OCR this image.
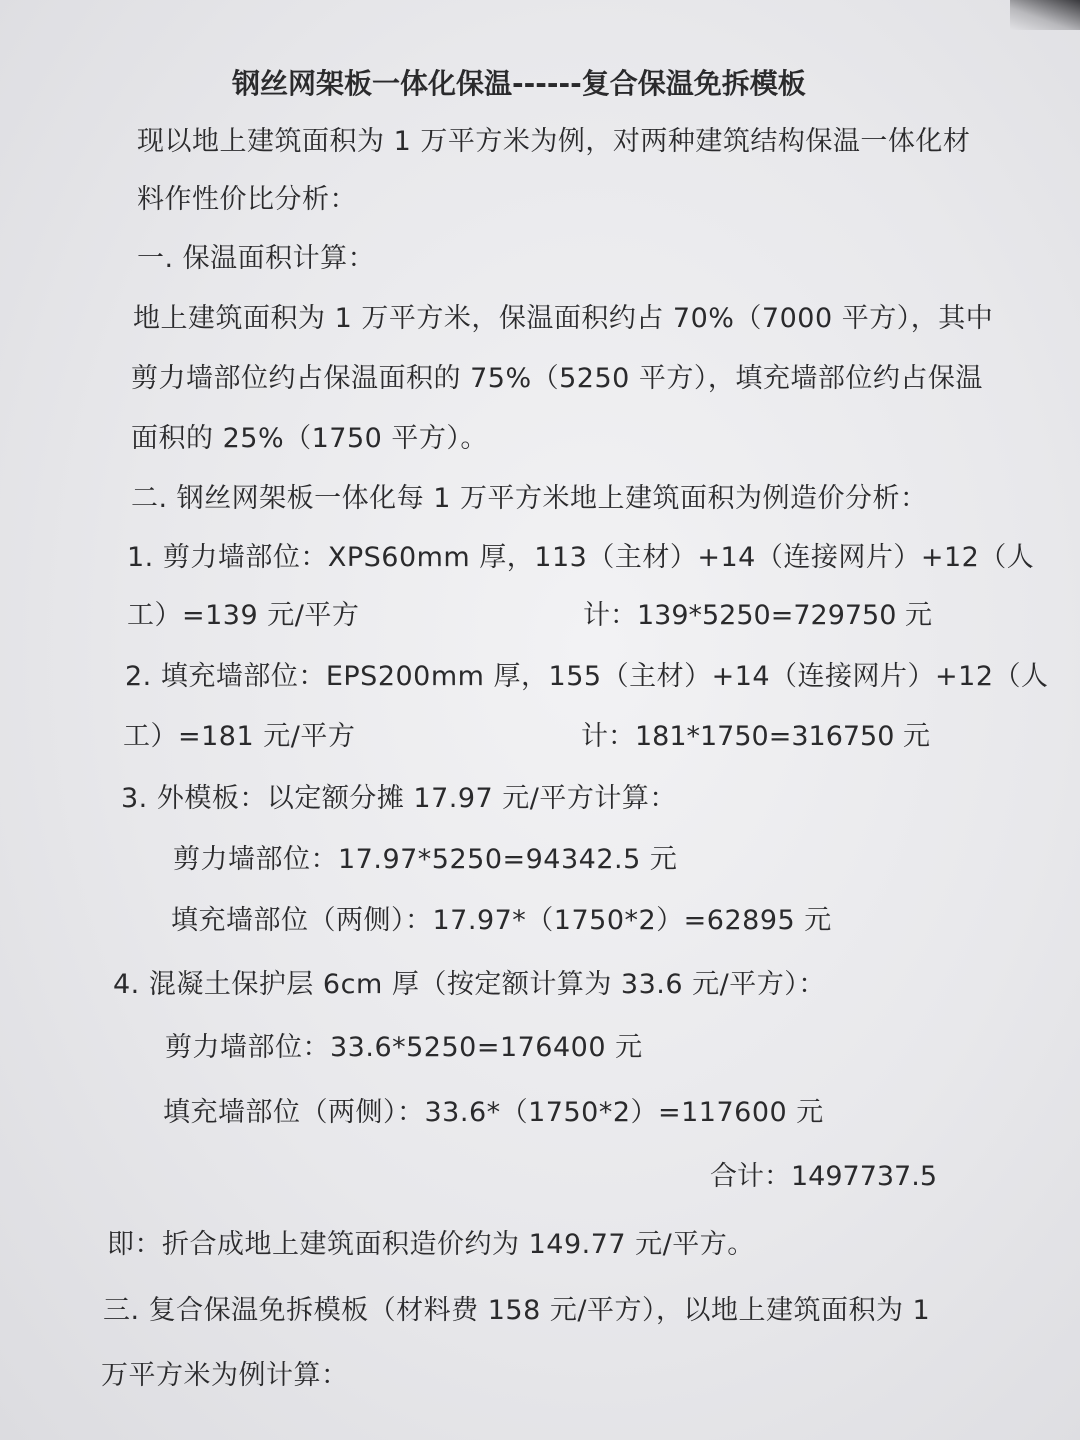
钢丝网架板一体化保温------复合保温免拆模板
现以地上建筑面积为 1 万平方米为例，对两种建筑结构保温一体化材
料作性价比分析：
一. 保温面积计算：
地上建筑面积为 1 万平方米，保温面积约占 70%（7000 平方），其中
剪力墙部位约占保温面积的 75%（5250 平方），填充墙部位约占保温
面积的 25%（1750 平方）。
二. 钢丝网架板一体化每 1 万平方米地上建筑面积为例造价分析：
1. 剪力墙部位：XPS60mm 厚，113（主材）+14（连接网片）+12（人
工）=139 元/平方	计：139*5250=729750 元
2. 填充墙部位：EPS200mm 厚，155（主材）+14（连接网片）+12（人
工）=181 元/平方	计：181*1750=316750 元
3. 外模板：以定额分摊 17.97 元/平方计算：
剪力墙部位：17.97*5250=94342.5 元
填充墙部位（两侧）：17.97*（1750*2）=62895 元
4. 混凝土保护层 6cm 厚（按定额计算为 33.6 元/平方）：
剪力墙部位：33.6*5250=176400 元
填充墙部位（两侧）：33.6*（1750*2）=117600 元
合计：1497737.5
即：折合成地上建筑面积造价约为 149.77 元/平方。
三. 复合保温免拆模板（材料费 158 元/平方），以地上建筑面积为 1
万平方米为例计算：
